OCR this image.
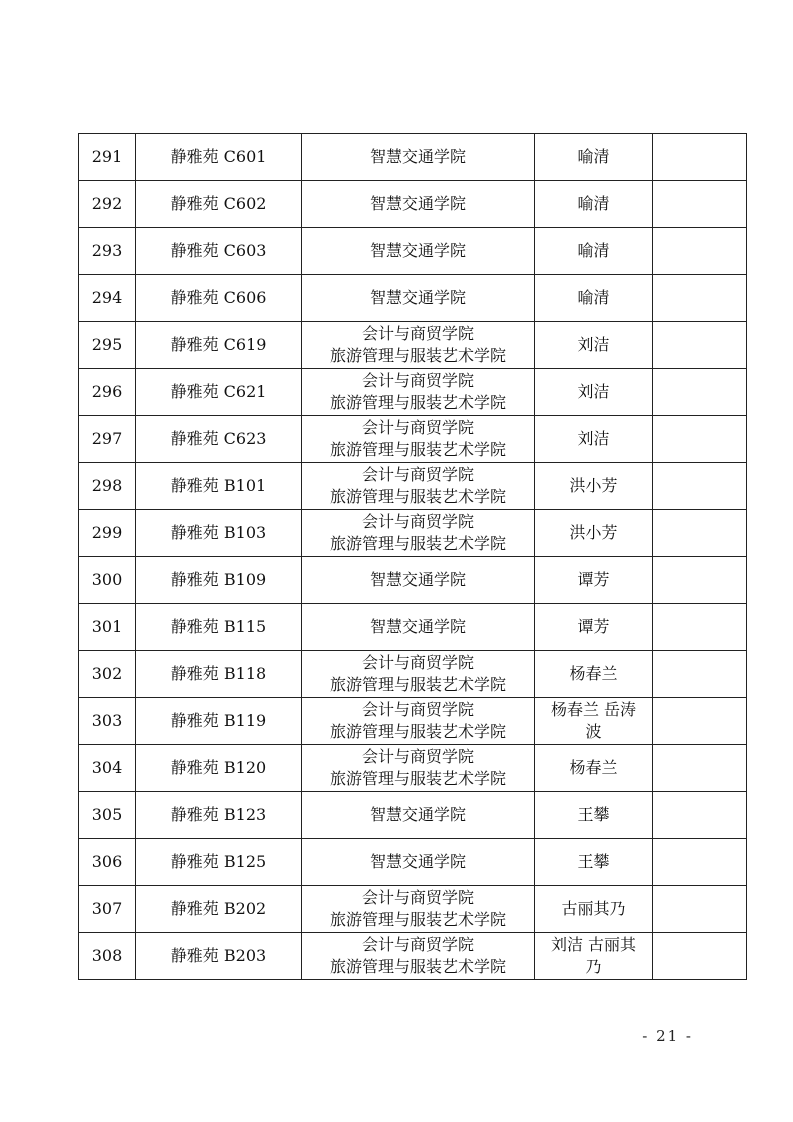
291	静雅苑 C601	智慧交通学院	喻清	

292	静雅苑 C602	智慧交通学院	喻清	

293	静雅苑 C603	智慧交通学院	喻清	

294	静雅苑 C606	智慧交通学院	喻清	

295	静雅苑 C619	会计与商贸学院
旅游管理与服装艺术学院	刘洁	

296	静雅苑 C621	会计与商贸学院
旅游管理与服装艺术学院	刘洁	

297	静雅苑 C623	会计与商贸学院
旅游管理与服装艺术学院	刘洁	

298	静雅苑 B101	会计与商贸学院
旅游管理与服装艺术学院	洪小芳	

299	静雅苑 B103	会计与商贸学院
旅游管理与服装艺术学院	洪小芳	

300	静雅苑 B109	智慧交通学院	谭芳	

301	静雅苑 B115	智慧交通学院	谭芳	

302	静雅苑 B118	会计与商贸学院
旅游管理与服装艺术学院	杨春兰	

303	静雅苑 B119	会计与商贸学院
旅游管理与服装艺术学院	杨春兰 岳涛
波	

304	静雅苑 B120	会计与商贸学院
旅游管理与服装艺术学院	杨春兰	

305	静雅苑 B123	智慧交通学院	王攀	

306	静雅苑 B125	智慧交通学院	王攀	

307	静雅苑 B202	会计与商贸学院
旅游管理与服装艺术学院	古丽其乃	

308	静雅苑 B203	会计与商贸学院
旅游管理与服装艺术学院	刘洁 古丽其
乃	

- 21 -
